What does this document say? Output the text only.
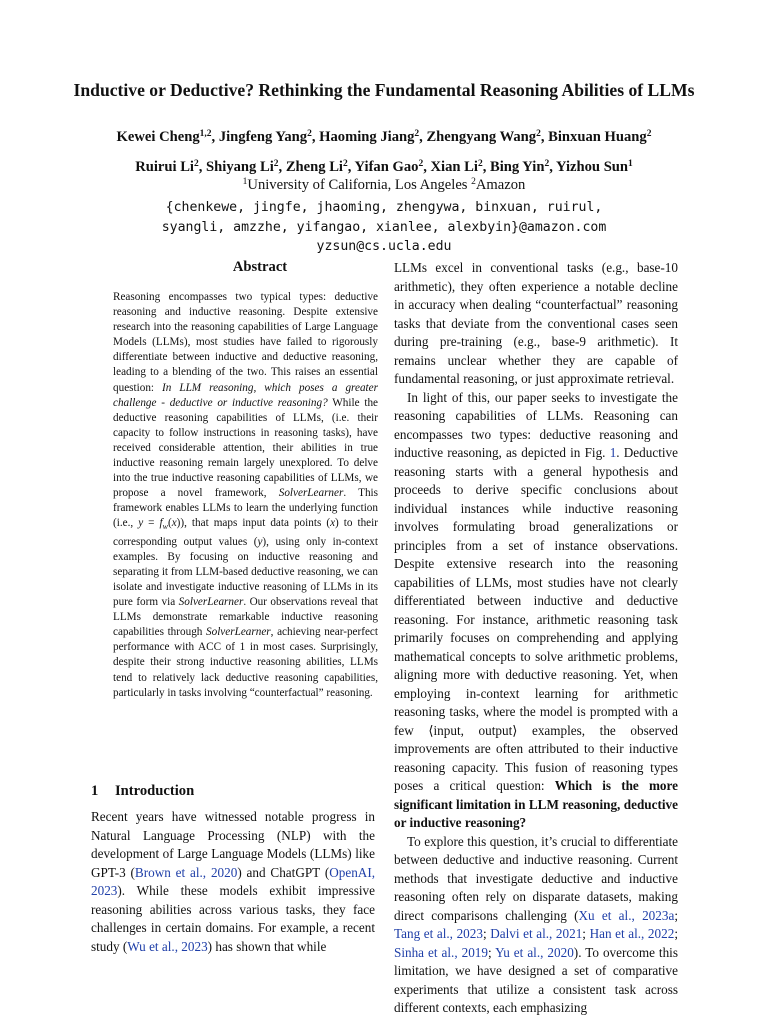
Inductive or Deductive? Rethinking the Fundamental Reasoning Abilities of LLMs
Kewei Cheng$^{1,2}$, Jingfeng Yang$^2$, Haoming Jiang$^2$, Zhengyang Wang$^2$, Binxuan Huang$^2$
Ruirui Li$^2$, Shiyang Li$^2$, Zheng Li$^2$, Yifan Gao$^2$, Xian Li$^2$, Bing Yin$^2$, Yizhou Sun$^1$
$^1$University of California, Los Angeles $^2$Amazon
{chenkewe, jingfe, jhaoming, zhengywa, binxuan, ruirul,
syangli, amzzhe, yifangao, xianlee, alexbyin}@amazon.com
yzsun@cs.ucla.edu
Abstract

Reasoning encompasses two typical types: deductive reasoning and inductive reasoning. Despite extensive research into the reasoning capabilities of Large Language Models (LLMs), most studies have failed to rigorously differentiate between inductive and deductive reasoning, leading to a blending of the two. This raises an essential question: In LLM reasoning, which poses a greater challenge - deductive or inductive reasoning? While the deductive reasoning capabilities of LLMs, (i.e. their capacity to follow instructions in reasoning tasks), have received considerable attention, their abilities in true inductive reasoning remain largely unexplored. To delve into the true inductive reasoning capabilities of LLMs, we propose a novel framework, SolverLearner. This framework enables LLMs to learn the underlying function (i.e., $y = f_w(x)$), that maps input data points (x) to their corresponding output values (y), using only in-context examples. By focusing on inductive reasoning and separating it from LLM-based deductive reasoning, we can isolate and investigate inductive reasoning of LLMs in its pure form via SolverLearner. Our observations reveal that LLMs demonstrate remarkable inductive reasoning capabilities through SolverLearner, achieving near-perfect performance with ACC of 1 in most cases. Surprisingly, despite their strong inductive reasoning abilities, LLMs tend to relatively lack deductive reasoning capabilities, particularly in tasks involving “counterfactual” reasoning.

1 Introduction

Recent years have witnessed notable progress in Natural Language Processing (NLP) with the development of Large Language Models (LLMs) like GPT-3 (Brown et al., 2020) and ChatGPT (OpenAI, 2023). While these models exhibit impressive reasoning abilities across various tasks, they face challenges in certain domains. For example, a recent study (Wu et al., 2023) has shown that while

LLMs excel in conventional tasks (e.g., base-10 arithmetic), they often experience a notable decline in accuracy when dealing “counterfactual” reasoning tasks that deviate from the conventional cases seen during pre-training (e.g., base-9 arithmetic). It remains unclear whether they are capable of fundamental reasoning, or just approximate retrieval.

In light of this, our paper seeks to investigate the reasoning capabilities of LLMs. Reasoning can encompasses two types: deductive reasoning and inductive reasoning, as depicted in Fig. 1. Deductive reasoning starts with a general hypothesis and proceeds to derive specific conclusions about individual instances while inductive reasoning involves formulating broad generalizations or principles from a set of instance observations. Despite extensive research into the reasoning capabilities of LLMs, most studies have not clearly differentiated between inductive and deductive reasoning. For instance, arithmetic reasoning task primarily focuses on comprehending and applying mathematical concepts to solve arithmetic problems, aligning more with deductive reasoning. Yet, when employing in-context learning for arithmetic reasoning tasks, where the model is prompted with a few ⟨input, output⟩ examples, the observed improvements are often attributed to their inductive reasoning capacity. This fusion of reasoning types poses a critical question: Which is the more significant limitation in LLM reasoning, deductive or inductive reasoning?

To explore this question, it’s crucial to differentiate between deductive and inductive reasoning. Current methods that investigate deductive and inductive reasoning often rely on disparate datasets, making direct comparisons challenging (Xu et al., 2023a; Tang et al., 2023; Dalvi et al., 2021; Han et al., 2022; Sinha et al., 2019; Yu et al., 2020). To overcome this limitation, we have designed a set of comparative experiments that utilize a consistent task across different contexts, each emphasizing
